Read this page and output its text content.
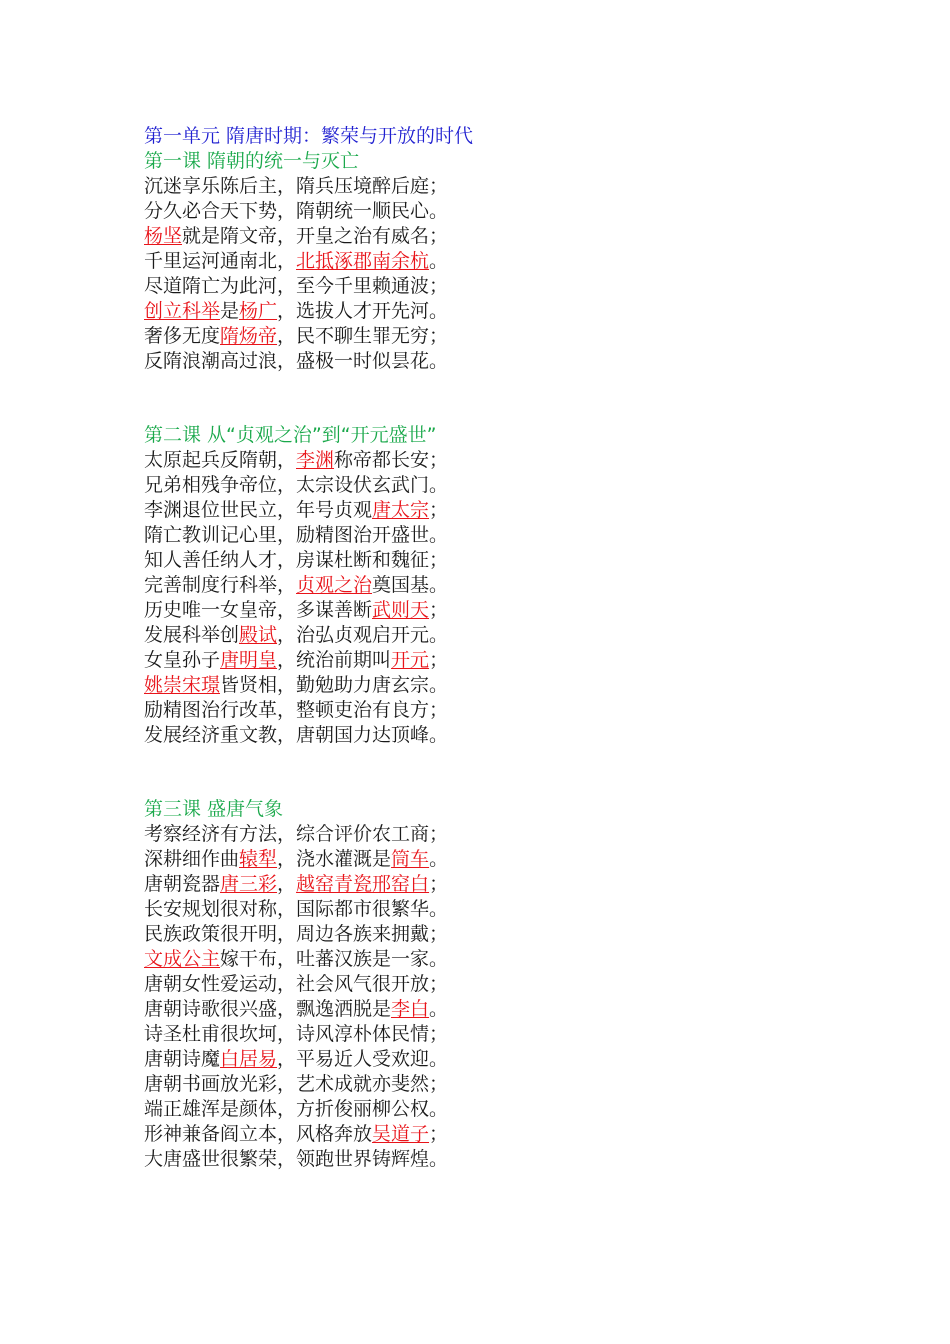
第一单元 隋唐时期：繁荣与开放的时代
第一课 隋朝的统一与灭亡
沉迷享乐陈后主，隋兵压境醉后庭；
分久必合天下势，隋朝统一顺民心。
杨坚就是隋文帝，开皇之治有威名；
千里运河通南北，北抵涿郡南余杭。
尽道隋亡为此河，至今千里赖通波；
创立科举是杨广，选拔人才开先河。
奢侈无度隋炀帝，民不聊生罪无穷；
反隋浪潮高过浪，盛极一时似昙花。
第二课 从“贞观之治”到“开元盛世”
太原起兵反隋朝，李渊称帝都长安；
兄弟相残争帝位，太宗设伏玄武门。
李渊退位世民立，年号贞观唐太宗；
隋亡教训记心里，励精图治开盛世。
知人善任纳人才，房谋杜断和魏征；
完善制度行科举，贞观之治奠国基。
历史唯一女皇帝，多谋善断武则天；
发展科举创殿试，治弘贞观启开元。
女皇孙子唐明皇，统治前期叫开元；
姚崇宋璟皆贤相，勤勉助力唐玄宗。
励精图治行改革，整顿吏治有良方；
发展经济重文教，唐朝国力达顶峰。
第三课 盛唐气象
考察经济有方法，综合评价农工商；
深耕细作曲辕犁，浇水灌溉是筒车。
唐朝瓷器唐三彩，越窑青瓷邢窑白；
长安规划很对称，国际都市很繁华。
民族政策很开明，周边各族来拥戴；
文成公主嫁干布，吐蕃汉族是一家。
唐朝女性爱运动，社会风气很开放；
唐朝诗歌很兴盛，飘逸洒脱是李白。
诗圣杜甫很坎坷，诗风淳朴体民情；
唐朝诗魔白居易，平易近人受欢迎。
唐朝书画放光彩，艺术成就亦斐然；
端正雄浑是颜体，方折俊丽柳公权。
形神兼备阎立本，风格奔放吴道子；
大唐盛世很繁荣，领跑世界铸辉煌。
